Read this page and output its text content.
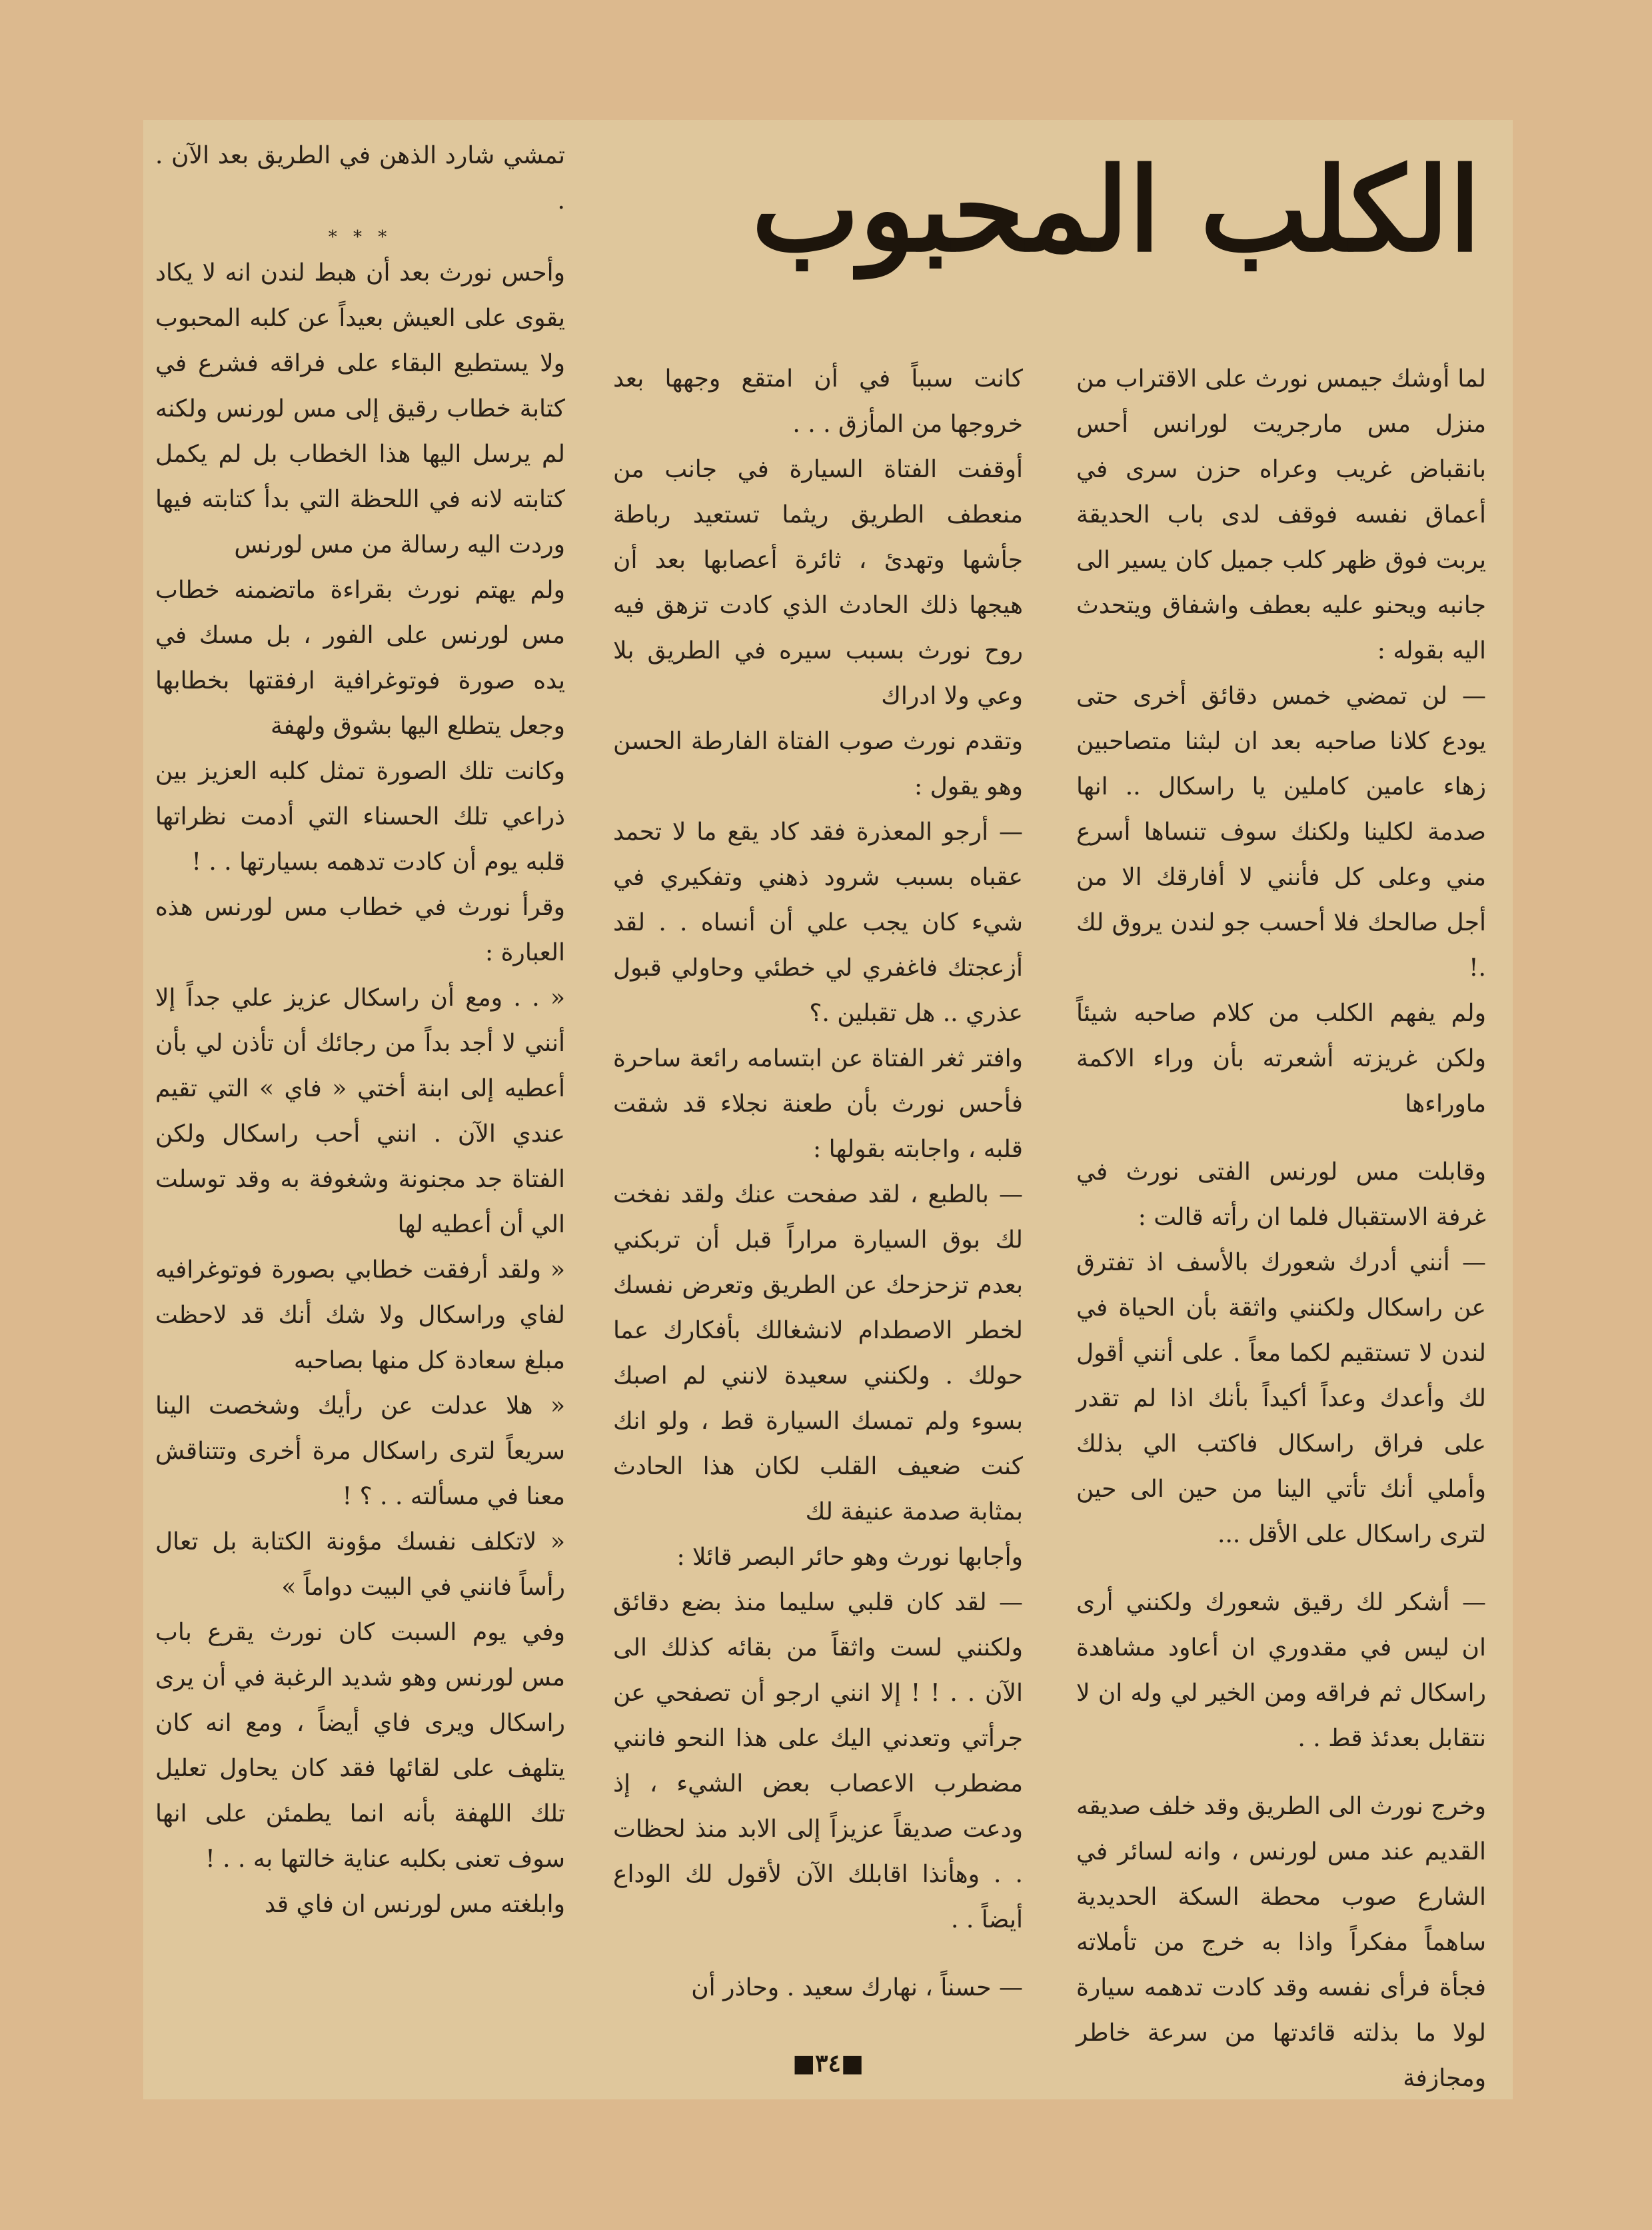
الكلب المحبوب

لما أوشك جيمس نورث على الاقتراب من منزل مس مارجريت لورانس أحس بانقباض غريب وعراه حزن سرى في أعماق نفسه فوقف لدى باب الحديقة يربت فوق ظهر كلب جميل كان يسير الى جانبه ويحنو عليه بعطف واشفاق ويتحدث اليه بقوله :

— لن تمضي خمس دقائق أخرى حتى يودع كلانا صاحبه بعد ان لبثنا متصاحبين زهاء عامين كاملين يا راسكال .. انها صدمة لكلينا ولكنك سوف تنساها أسرع مني وعلى كل فأنني لا أفارقك الا من أجل صالحك فلا أحسب جو لندن يروق لك .!

ولم يفهم الكلب من كلام صاحبه شيئاً ولكن غريزته أشعرته بأن وراء الاكمة ماوراءها

وقابلت مس لورنس الفتى نورث في غرفة الاستقبال فلما ان رأته قالت :

— أنني أدرك شعورك بالأسف اذ تفترق عن راسكال ولكنني واثقة بأن الحياة في لندن لا تستقيم لكما معاً . على أنني أقول لك وأعدك وعداً أكيداً بأنك اذا لم تقدر على فراق راسكال فاكتب الي بذلك وأملي أنك تأتي الينا من حين الى حين لترى راسكال على الأقل ...

— أشكر لك رقيق شعورك ولكنني أرى ان ليس في مقدوري ان أعاود مشاهدة راسكال ثم فراقه ومن الخير لي وله ان لا نتقابل بعدئذ قط . .

وخرج نورث الى الطريق وقد خلف صديقه القديم عند مس لورنس ، وانه لسائر في الشارع صوب محطة السكة الحديدية ساهماً مفكراً واذا به خرج من تأملاته فجأة فرأى نفسه وقد كادت تدهمه سيارة لولا ما بذلته قائدتها من سرعة خاطر ومجازفة

كانت سبباً في أن امتقع وجهها بعد خروجها من المأزق . . .

أوقفت الفتاة السيارة في جانب من منعطف الطريق ريثما تستعيد رباطة جأشها وتهدئ ، ثائرة أعصابها بعد أن هيجها ذلك الحادث الذي كادت تزهق فيه روح نورث بسبب سيره في الطريق بلا وعي ولا ادراك

وتقدم نورث صوب الفتاة الفارطة الحسن وهو يقول :

— أرجو المعذرة فقد كاد يقع ما لا تحمد عقباه بسبب شرود ذهني وتفكيري في شيء كان يجب علي أن أنساه . . لقد أزعجتك فاغفري لي خطئي وحاولي قبول عذري .. هل تقبلين .؟

وافتر ثغر الفتاة عن ابتسامه رائعة ساحرة فأحس نورث بأن طعنة نجلاء قد شقت قلبه ، واجابته بقولها :

— بالطبع ، لقد صفحت عنك ولقد نفخت لك بوق السيارة مراراً قبل أن تربكني بعدم تزحزحك عن الطريق وتعرض نفسك لخطر الاصطدام لانشغالك بأفكارك عما حولك . ولكنني سعيدة لانني لم اصبك بسوء ولم تمسك السيارة قط ، ولو انك كنت ضعيف القلب لكان هذا الحادث بمثابة صدمة عنيفة لك

وأجابها نورث وهو حائر البصر قائلا :

— لقد كان قلبي سليما منذ بضع دقائق ولكنني لست واثقاً من بقائه كذلك الى الآن . . ! ! إلا انني ارجو أن تصفحي عن جرأتي وتعدني اليك على هذا النحو فانني مضطرب الاعصاب بعض الشيء ، إذ ودعت صديقاً عزيزاً إلى الابد منذ لحظات . . وهأنذا اقابلك الآن لأقول لك الوداع أيضاً . .

— حسناً ، نهارك سعيد . وحاذر أن

تمشي شارد الذهن في الطريق بعد الآن . .

* * *

وأحس نورث بعد أن هبط لندن انه لا يكاد يقوى على العيش بعيداً عن كلبه المحبوب ولا يستطيع البقاء على فراقه فشرع في كتابة خطاب رقيق إلى مس لورنس ولكنه لم يرسل اليها هذا الخطاب بل لم يكمل كتابته لانه في اللحظة التي بدأ كتابته فيها وردت اليه رسالة من مس لورنس

ولم يهتم نورث بقراءة ماتضمنه خطاب مس لورنس على الفور ، بل مسك في يده صورة فوتوغرافية ارفقتها بخطابها وجعل يتطلع اليها بشوق ولهفة

وكانت تلك الصورة تمثل كلبه العزيز بين ذراعي تلك الحسناء التي أدمت نظراتها قلبه يوم أن كادت تدهمه بسيارتها . . !

وقرأ نورث في خطاب مس لورنس هذه العبارة :

« . . ومع أن راسكال عزيز علي جداً إلا أنني لا أجد بداً من رجائك أن تأذن لي بأن أعطيه إلى ابنة أختي « فاي » التي تقيم عندي الآن . انني أحب راسكال ولكن الفتاة جد مجنونة وشغوفة به وقد توسلت الي أن أعطيه لها

« ولقد أرفقت خطابي بصورة فوتوغرافيه لفاي وراسكال ولا شك أنك قد لاحظت مبلغ سعادة كل منها بصاحبه

« هلا عدلت عن رأيك وشخصت الينا سريعاً لترى راسكال مرة أخرى وتتناقش معنا في مسألته . . ؟ !

« لاتكلف نفسك مؤونة الكتابة بل تعال رأساً فانني في البيت دواماً »

وفي يوم السبت كان نورث يقرع باب مس لورنس وهو شديد الرغبة في أن يرى راسكال ويرى فاي أيضاً ، ومع انه كان يتلهف على لقائها فقد كان يحاول تعليل تلك اللهفة بأنه انما يطمئن على انها سوف تعنى بكلبه عناية خالتها به . . !

وابلغته مس لورنس ان فاي قد

■٣٤■
